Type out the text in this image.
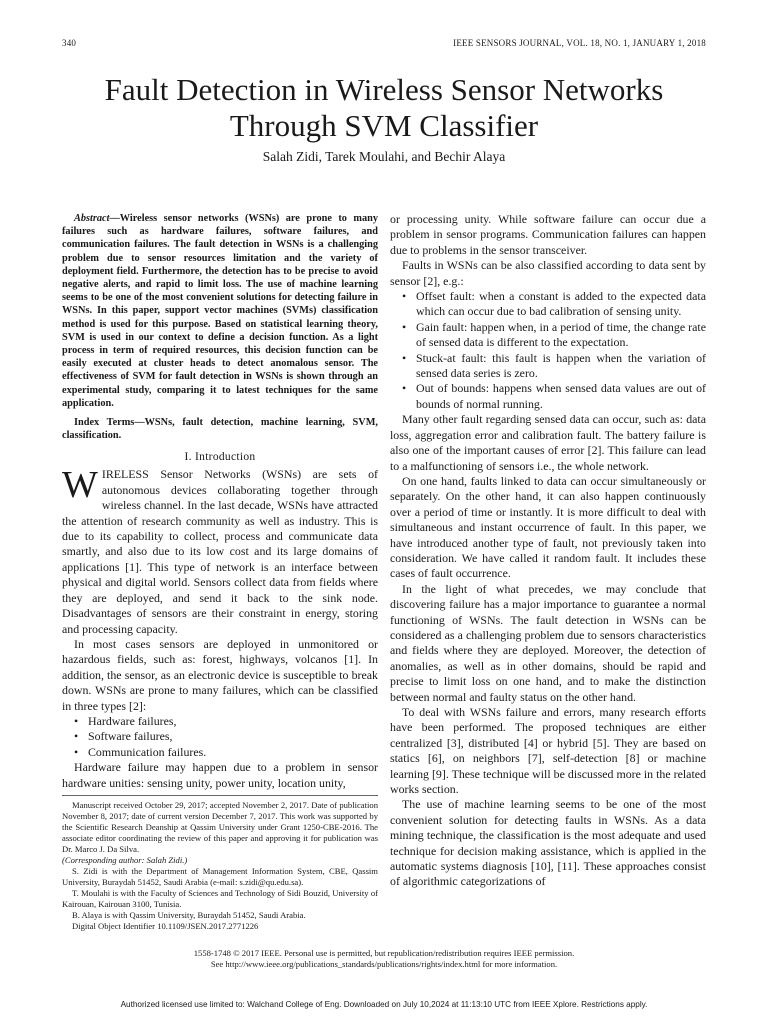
340	IEEE SENSORS JOURNAL, VOL. 18, NO. 1, JANUARY 1, 2018
Fault Detection in Wireless Sensor Networks
Through SVM Classifier
Salah Zidi, Tarek Moulahi, and Bechir Alaya

Abstract—Wireless sensor networks (WSNs) are prone to many failures such as hardware failures, software failures, and communication failures. The fault detection in WSNs is a challenging problem due to sensor resources limitation and the variety of deployment field. Furthermore, the detection has to be precise to avoid negative alerts, and rapid to limit loss. The use of machine learning seems to be one of the most convenient solutions for detecting failure in WSNs. In this paper, support vector machines (SVMs) classification method is used for this purpose. Based on statistical learning theory, SVM is used in our context to define a decision function. As a light process in term of required resources, this decision function can be easily executed at cluster heads to detect anomalous sensor. The effectiveness of SVM for fault detection in WSNs is shown through an experimental study, comparing it to latest techniques for the same application.

Index Terms—WSNs, fault detection, machine learning, SVM, classification.

I. Introduction

WIRELESS Sensor Networks (WSNs) are sets of autonomous devices collaborating together through wireless channel. In the last decade, WSNs have attracted the attention of research community as well as industry. This is due to its capability to collect, process and communicate data smartly, and also due to its low cost and its large domains of applications [1]. This type of network is an interface between physical and digital world. Sensors collect data from fields where they are deployed, and send it back to the sink node. Disadvantages of sensors are their constraint in energy, storing and processing capacity.

In most cases sensors are deployed in unmonitored or hazardous fields, such as: forest, highways, volcanos [1]. In addition, the sensor, as an electronic device is susceptible to break down. WSNs are prone to many failures, which can be classified in three types [2]:

• Hardware failures,
• Software failures,
• Communication failures.

Hardware failure may happen due to a problem in sensor hardware unities: sensing unity, power unity, location unity,

Manuscript received October 29, 2017; accepted November 2, 2017. Date of publication November 8, 2017; date of current version December 7, 2017. This work was supported by the Scientific Research Deanship at Qassim University under Grant 1250-CBE-2016. The associate editor coordinating the review of this paper and approving it for publication was Dr. Marco J. Da Silva.

(Corresponding author: Salah Zidi.)

S. Zidi is with the Department of Management Information System, CBE, Qassim University, Buraydah 51452, Saudi Arabia (e-mail: s.zidi@qu.edu.sa).

T. Moulahi is with the Faculty of Sciences and Technology of Sidi Bouzid, University of Kairouan, Kairouan 3100, Tunisia.

B. Alaya is with Qassim University, Buraydah 51452, Saudi Arabia.

Digital Object Identifier 10.1109/JSEN.2017.2771226

or processing unity. While software failure can occur due a problem in sensor programs. Communication failures can happen due to problems in the sensor transceiver.

Faults in WSNs can be also classified according to data sent by sensor [2], e.g.:

• Offset fault: when a constant is added to the expected data which can occur due to bad calibration of sensing unity.
• Gain fault: happen when, in a period of time, the change rate of sensed data is different to the expectation.
• Stuck-at fault: this fault is happen when the variation of sensed data series is zero.
• Out of bounds: happens when sensed data values are out of bounds of normal running.

Many other fault regarding sensed data can occur, such as: data loss, aggregation error and calibration fault. The battery failure is also one of the important causes of error [2]. This failure can lead to a malfunctioning of sensors i.e., the whole network.

On one hand, faults linked to data can occur simultaneously or separately. On the other hand, it can also happen continuously over a period of time or instantly. It is more difficult to deal with simultaneous and instant occurrence of fault. In this paper, we have introduced another type of fault, not previously taken into consideration. We have called it random fault. It includes these cases of fault occurrence.

In the light of what precedes, we may conclude that discovering failure has a major importance to guarantee a normal functioning of WSNs. The fault detection in WSNs can be considered as a challenging problem due to sensors characteristics and fields where they are deployed. Moreover, the detection of anomalies, as well as in other domains, should be rapid and precise to limit loss on one hand, and to make the distinction between normal and faulty status on the other hand.

To deal with WSNs failure and errors, many research efforts have been performed. The proposed techniques are either centralized [3], distributed [4] or hybrid [5]. They are based on statics [6], on neighbors [7], self-detection [8] or machine learning [9]. These technique will be discussed more in the related works section.

The use of machine learning seems to be one of the most convenient solution for detecting faults in WSNs. As a data mining technique, the classification is the most adequate and used technique for decision making assistance, which is applied in the automatic systems diagnosis [10], [11]. These approaches consist of algorithmic categorizations of

1558-1748 © 2017 IEEE. Personal use is permitted, but republication/redistribution requires IEEE permission.
See http://www.ieee.org/publications_standards/publications/rights/index.html for more information.
Authorized licensed use limited to: Walchand College of Eng. Downloaded on July 10,2024 at 11:13:10 UTC from IEEE Xplore. Restrictions apply.
